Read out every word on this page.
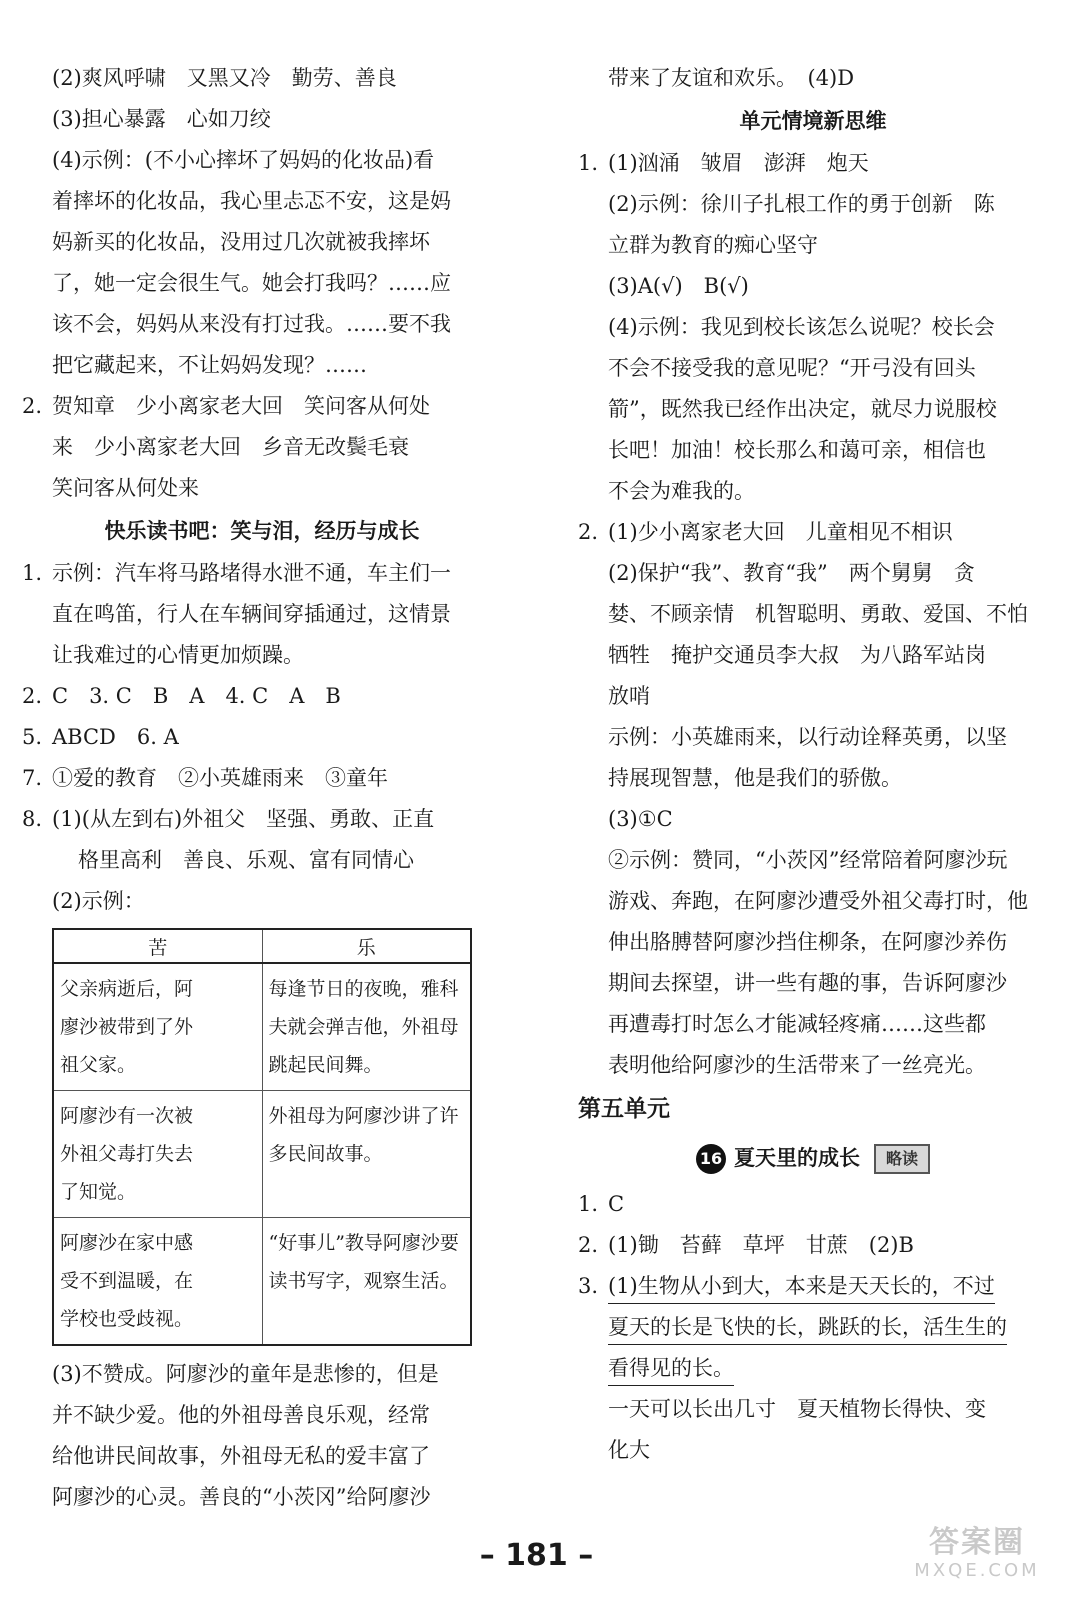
(2)爽风呼啸　又黑又冷　勤劳、善良
(3)担心暴露　心如刀绞
(4)示例：(不小心摔坏了妈妈的化妆品)看
着摔坏的化妆品，我心里忐忑不安，这是妈
妈新买的化妆品，没用过几次就被我摔坏
了，她一定会很生气。她会打我吗？……应
该不会，妈妈从来没有打过我。……要不我
把它藏起来，不让妈妈发现？……
2. 贺知章　少小离家老大回　笑问客从何处
来　少小离家老大回　乡音无改鬓毛衰
笑问客从何处来
快乐读书吧：笑与泪，经历与成长
1. 示例：汽车将马路堵得水泄不通，车主们一
直在鸣笛，行人在车辆间穿插通过，这情景
让我难过的心情更加烦躁。
2. C　3. C　B　A　4. C　A　B
5. ABCD　6. A
7. ①爱的教育　②小英雄雨来　③童年
8. (1)(从左到右)外祖父　坚强、勇敢、正直
格里高利　善良、乐观、富有同情心
(2)示例：
苦	乐

父亲病逝后，阿
廖沙被带到了外
祖父家。	每逢节日的夜晚，雅科
夫就会弹吉他，外祖母
跳起民间舞。

阿廖沙有一次被
外祖父毒打失去
了知觉。	外祖母为阿廖沙讲了许
多民间故事。

阿廖沙在家中感
受不到温暖，在
学校也受歧视。	“好事儿”教导阿廖沙要
读书写字，观察生活。
(3)不赞成。阿廖沙的童年是悲惨的，但是
并不缺少爱。他的外祖母善良乐观，经常
给他讲民间故事，外祖母无私的爱丰富了
阿廖沙的心灵。善良的“小茨冈”给阿廖沙
带来了友谊和欢乐。　(4)D
单元情境新思维
1. (1)汹涌　皱眉　澎湃　炮天
(2)示例：徐川子扎根工作的勇于创新　陈
立群为教育的痴心坚守
(3)A(√)　B(√)
(4)示例：我见到校长该怎么说呢？校长会
不会不接受我的意见呢？“开弓没有回头
箭”，既然我已经作出决定，就尽力说服校
长吧！加油！校长那么和蔼可亲，相信也
不会为难我的。
2. (1)少小离家老大回　儿童相见不相识
(2)保护“我”、教育“我”　两个舅舅　贪
婪、不顾亲情　机智聪明、勇敢、爱国、不怕
牺牲　掩护交通员李大叔　为八路军站岗
放哨
示例：小英雄雨来，以行动诠释英勇，以坚
持展现智慧，他是我们的骄傲。
(3)①C
②示例：赞同，“小茨冈”经常陪着阿廖沙玩
游戏、奔跑，在阿廖沙遭受外祖父毒打时，他
伸出胳膊替阿廖沙挡住柳条，在阿廖沙养伤
期间去探望，讲一些有趣的事，告诉阿廖沙
再遭毒打时怎么才能减轻疼痛……这些都
表明他给阿廖沙的生活带来了一丝亮光。
第五单元
16 夏天里的成长 略读
1. C
2. (1)锄　苔藓　草坪　甘蔗　(2)B
3. (1)生物从小到大，本来是天天长的，不过
夏天的长是飞快的长，跳跃的长，活生生的
看得见的长。
一天可以长出几寸　夏天植物长得快、变
化大
– 181 –	答案圈
MXQE.COM
